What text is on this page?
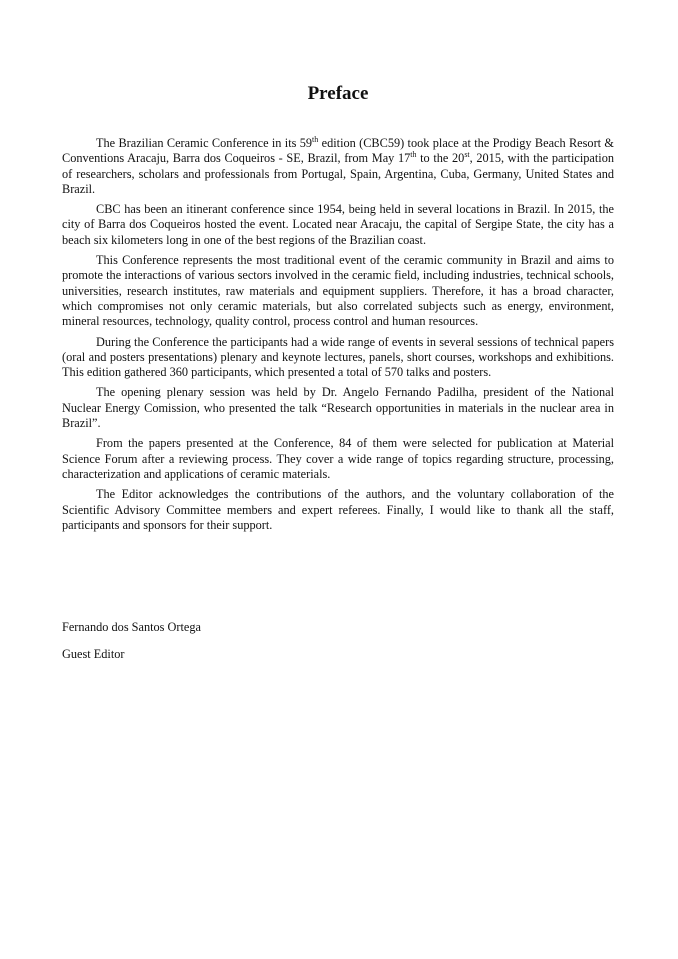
Preface

The Brazilian Ceramic Conference in its 59th edition (CBC59) took place at the Prodigy Beach Resort & Conventions Aracaju, Barra dos Coqueiros - SE, Brazil, from May 17th to the 20st, 2015, with the participation of researchers, scholars and professionals from Portugal, Spain, Argentina, Cuba, Germany, United States and Brazil.

CBC has been an itinerant conference since 1954, being held in several locations in Brazil. In 2015, the city of Barra dos Coqueiros hosted the event. Located near Aracaju, the capital of Sergipe State, the city has a beach six kilometers long in one of the best regions of the Brazilian coast.

This Conference represents the most traditional event of the ceramic community in Brazil and aims to promote the interactions of various sectors involved in the ceramic field, including industries, technical schools, universities, research institutes, raw materials and equipment suppliers. Therefore, it has a broad character, which compromises not only ceramic materials, but also correlated subjects such as energy, environment, mineral resources, technology, quality control, process control and human resources.

During the Conference the participants had a wide range of events in several sessions of technical papers (oral and posters presentations) plenary and keynote lectures, panels, short courses, workshops and exhibitions. This edition gathered 360 participants, which presented a total of 570 talks and posters.

The opening plenary session was held by Dr. Angelo Fernando Padilha, president of the National Nuclear Energy Comission, who presented the talk “Research opportunities in materials in the nuclear area in Brazil”.

From the papers presented at the Conference, 84 of them were selected for publication at Material Science Forum after a reviewing process. They cover a wide range of topics regarding structure, processing, characterization and applications of ceramic materials.

The Editor acknowledges the contributions of the authors, and the voluntary collaboration of the Scientific Advisory Committee members and expert referees. Finally, I would like to thank all the staff, participants and sponsors for their support.

Fernando dos Santos Ortega
Guest Editor
